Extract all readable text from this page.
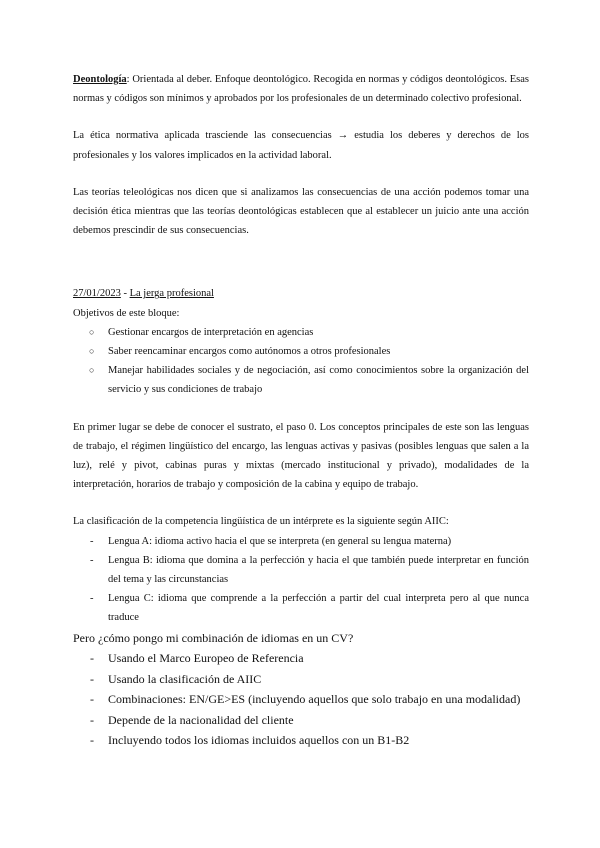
Deontología: Orientada al deber. Enfoque deontológico. Recogida en normas y códigos deontológicos. Esas normas y códigos son mínimos y aprobados por los profesionales de un determinado colectivo profesional.

La ética normativa aplicada trasciende las consecuencias → estudia los deberes y derechos de los profesionales y los valores implicados en la actividad laboral.

Las teorías teleológicas nos dicen que si analizamos las consecuencias de una acción podemos tomar una decisión ética mientras que las teorías deontológicas establecen que al establecer un juicio ante una acción debemos prescindir de sus consecuencias.

27/01/2023 - La jerga profesional

Objetivos de este bloque:

○ Gestionar encargos de interpretación en agencias
○ Saber reencaminar encargos como autónomos a otros profesionales
○ Manejar habilidades sociales y de negociación, así como conocimientos sobre la organización del servicio y sus condiciones de trabajo

En primer lugar se debe de conocer el sustrato, el paso 0. Los conceptos principales de este son las lenguas de trabajo, el régimen lingüístico del encargo, las lenguas activas y pasivas (posibles lenguas que salen a la luz), relé y pivot, cabinas puras y mixtas (mercado institucional y privado), modalidades de la interpretación, horarios de trabajo y composición de la cabina y equipo de trabajo.

La clasificación de la competencia lingüística de un intérprete es la siguiente según AIIC:

- Lengua A: idioma activo hacia el que se interpreta (en general su lengua materna)
- Lengua B: idioma que domina a la perfección y hacia el que también puede interpretar en función del tema y las circunstancias
- Lengua C: idioma que comprende a la perfección a partir del cual interpreta pero al que nunca traduce

Pero ¿cómo pongo mi combinación de idiomas en un CV?

- Usando el Marco Europeo de Referencia
- Usando la clasificación de AIIC
- Combinaciones: EN/GE>ES (incluyendo aquellos que solo trabajo en una modalidad)
- Depende de la nacionalidad del cliente
- Incluyendo todos los idiomas incluidos aquellos con un B1-B2
